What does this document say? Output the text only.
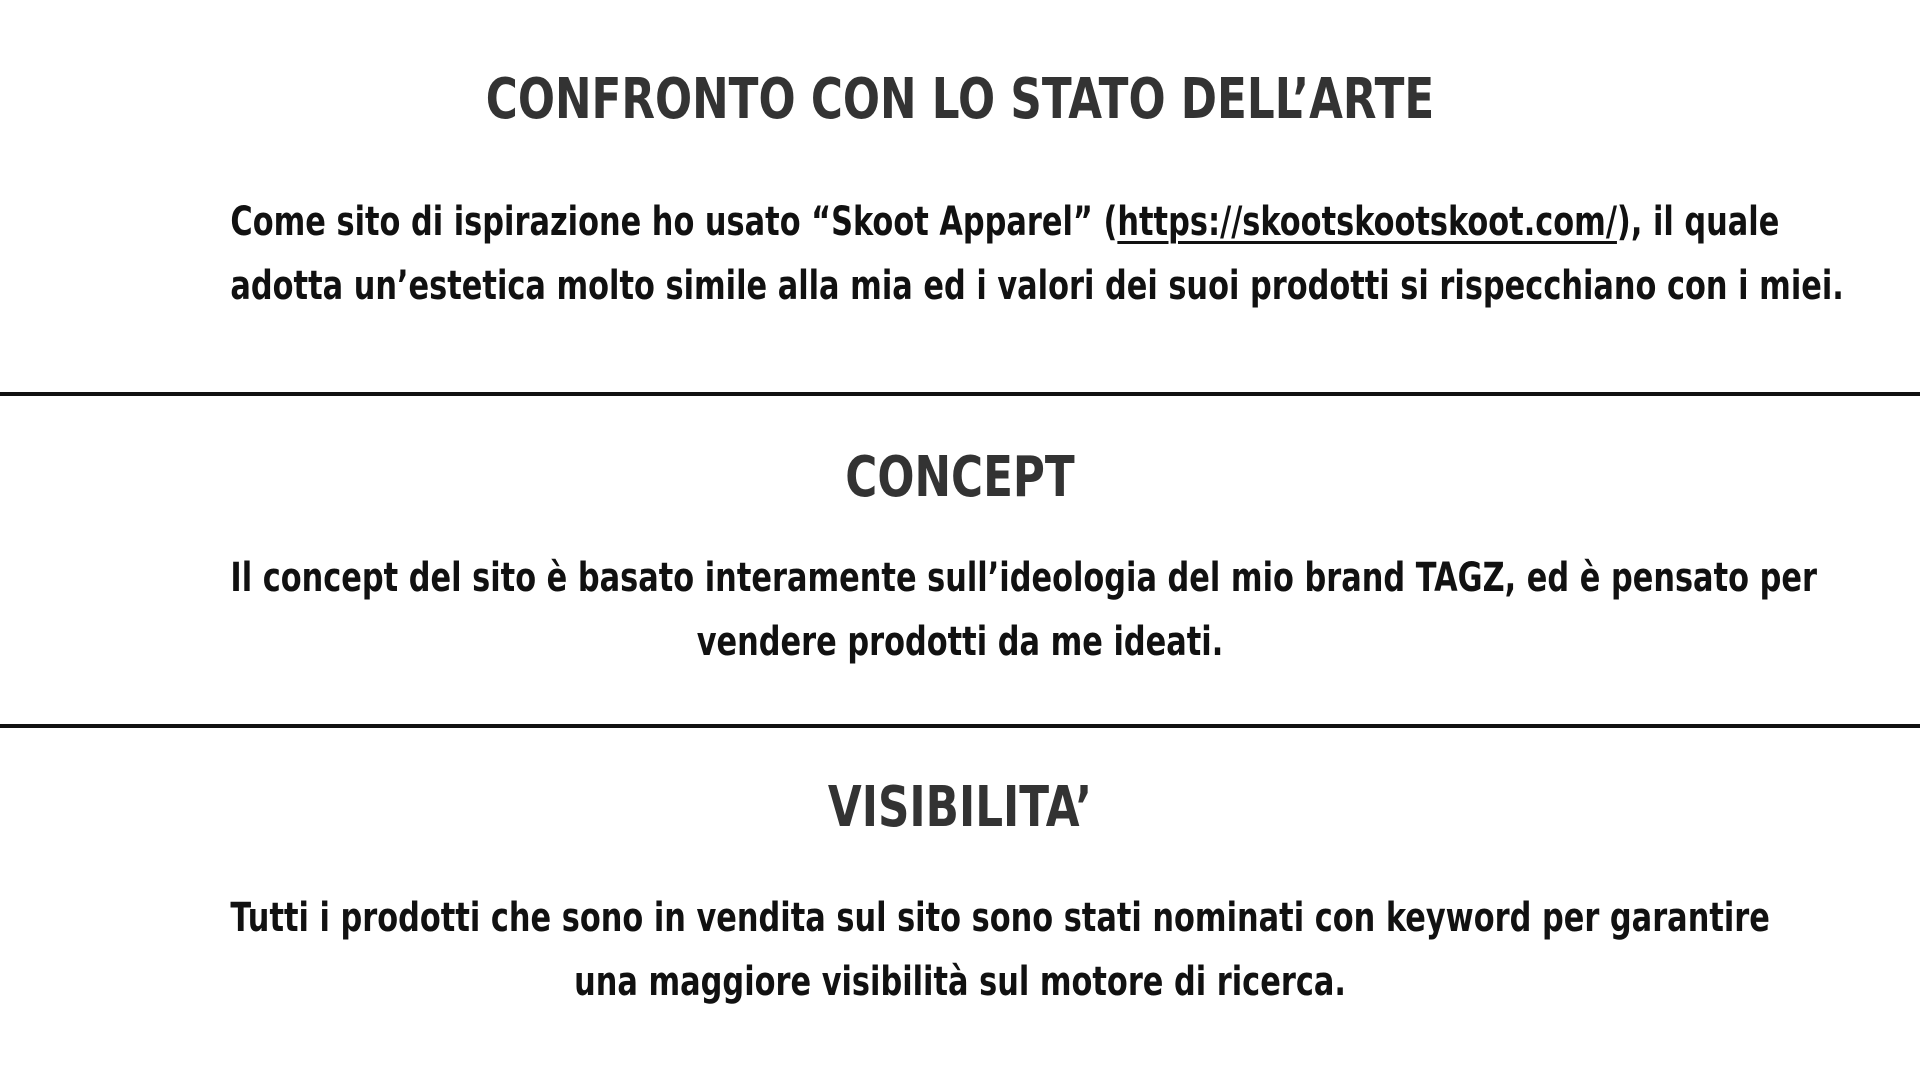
CONFRONTO CON LO STATO DELL’ARTE

Come sito di ispirazione ho usato “Skoot Apparel” (https://skootskootskoot.com/), il quale
adotta un’estetica molto simile alla mia ed i valori dei suoi prodotti si rispecchiano con i miei.

CONCEPT

Il concept del sito è basato interamente sull’ideologia del mio brand TAGZ, ed è pensato per
vendere prodotti da me ideati.

VISIBILITA’

Tutti i prodotti che sono in vendita sul sito sono stati nominati con keyword per garantire
una maggiore visibilità sul motore di ricerca.
